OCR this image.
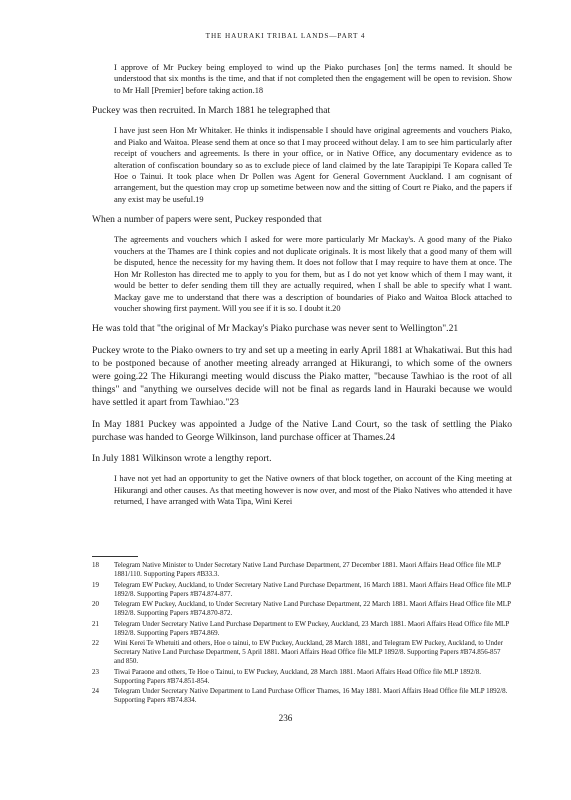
THE HAURAKI TRIBAL LANDS—PART 4

I approve of Mr Puckey being employed to wind up the Piako purchases [on] the terms named. It should be understood that six months is the time, and that if not completed then the engagement will be open to revision. Show to Mr Hall [Premier] before taking action.18

Puckey was then recruited. In March 1881 he telegraphed that

I have just seen Hon Mr Whitaker. He thinks it indispensable I should have original agreements and vouchers Piako, and Piako and Waitoa. Please send them at once so that I may proceed without delay. I am to see him particularly after receipt of vouchers and agreements. Is there in your office, or in Native Office, any documentary evidence as to alteration of confiscation boundary so as to exclude piece of land claimed by the late Tarapipipi Te Kopara called Te Hoe o Tainui. It took place when Dr Pollen was Agent for General Government Auckland. I am cognisant of arrangement, but the question may crop up sometime between now and the sitting of Court re Piako, and the papers if any exist may be useful.19

When a number of papers were sent, Puckey responded that

The agreements and vouchers which I asked for were more particularly Mr Mackay's. A good many of the Piako vouchers at the Thames are I think copies and not duplicate originals. It is most likely that a good many of them will be disputed, hence the necessity for my having them. It does not follow that I may require to have them at once. The Hon Mr Rolleston has directed me to apply to you for them, but as I do not yet know which of them I may want, it would be better to defer sending them till they are actually required, when I shall be able to specify what I want. Mackay gave me to understand that there was a description of boundaries of Piako and Waitoa Block attached to voucher showing first payment. Will you see if it is so. I doubt it.20

He was told that "the original of Mr Mackay's Piako purchase was never sent to Wellington".21

Puckey wrote to the Piako owners to try and set up a meeting in early April 1881 at Whakatiwai. But this had to be postponed because of another meeting already arranged at Hikurangi, to which some of the owners were going.22 The Hikurangi meeting would discuss the Piako matter, "because Tawhiao is the root of all things" and "anything we ourselves decide will not be final as regards land in Hauraki because we would have settled it apart from Tawhiao."23

In May 1881 Puckey was appointed a Judge of the Native Land Court, so the task of settling the Piako purchase was handed to George Wilkinson, land purchase officer at Thames.24

In July 1881 Wilkinson wrote a lengthy report.

I have not yet had an opportunity to get the Native owners of that block together, on account of the King meeting at Hikurangi and other causes. As that meeting however is now over, and most of the Piako Natives who attended it have returned, I have arranged with Wata Tipa, Wini Kerei

18	Telegram Native Minister to Under Secretary Native Land Purchase Department, 27 December 1881. Maori Affairs Head Office file MLP 1881/110. Supporting Papers #B33.3.
19	Telegram EW Puckey, Auckland, to Under Secretary Native Land Purchase Department, 16 March 1881. Maori Affairs Head Office file MLP 1892/8. Supporting Papers #B74.874-877.
20	Telegram EW Puckey, Auckland, to Under Secretary Native Land Purchase Department, 22 March 1881. Maori Affairs Head Office file MLP 1892/8. Supporting Papers #B74.870-872.
21	Telegram Under Secretary Native Land Purchase Department to EW Puckey, Auckland, 23 March 1881. Maori Affairs Head Office file MLP 1892/8. Supporting Papers #B74.869.
22	Wini Kerei Te Whetuiti and others, Hoe o tainui, to EW Puckey, Auckland, 28 March 1881, and Telegram EW Puckey, Auckland, to Under Secretary Native Land Purchase Department, 5 April 1881. Maori Affairs Head Office file MLP 1892/8. Supporting Papers #B74.856-857 and 850.
23	Tiwai Paraone and others, Te Hoe o Tainui, to EW Puckey, Auckland, 28 March 1881. Maori Affairs Head Office file MLP 1892/8. Supporting Papers #B74.851-854.
24	Telegram Under Secretary Native Department to Land Purchase Officer Thames, 16 May 1881. Maori Affairs Head Office file MLP 1892/8. Supporting Papers #B74.834.
236
